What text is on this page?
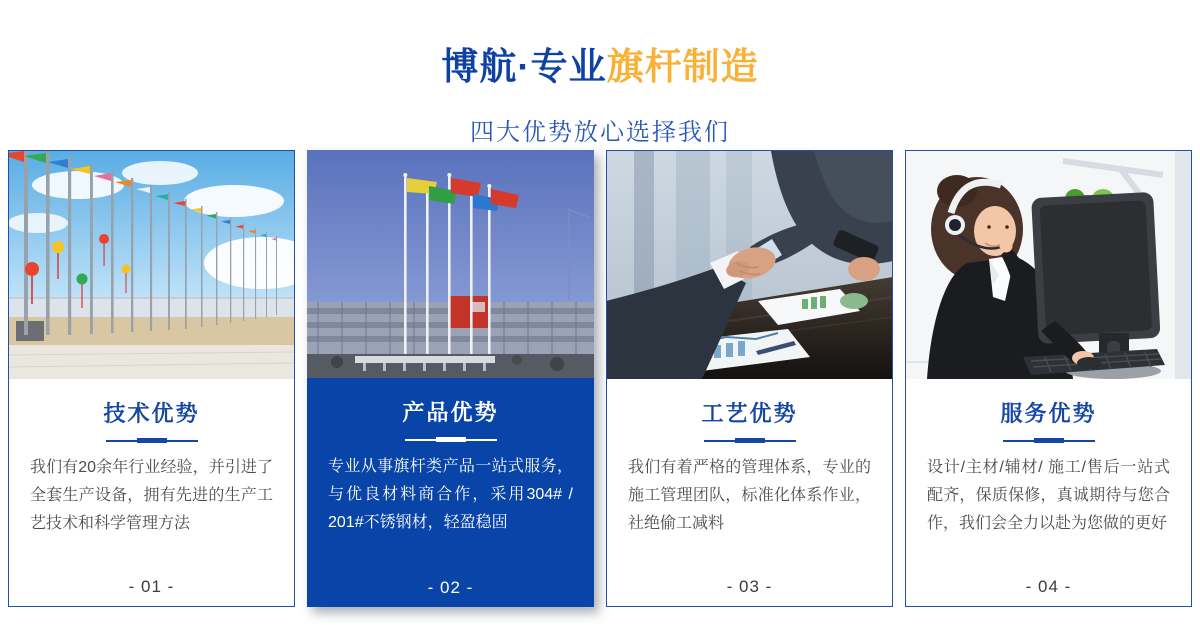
博航·专业旗杆制造
四大优势放心选择我们
技术优势

我们有20余年行业经验，并引进了全套生产设备，拥有先进的生产工艺技术和科学管理方法

- 01 -
产品优势

专业从事旗杆类产品一站式服务，与优良材料商合作，采用304# / 201#不锈钢材，轻盈稳固

- 02 -
工艺优势

我们有着严格的管理体系，专业的施工管理团队，标准化体系作业，社绝偷工减料

- 03 -
服务优势

设计/主材/辅材/ 施工/售后一站式配齐，保质保修，真诚期待与您合作，我们会全力以赴为您做的更好

- 04 -
